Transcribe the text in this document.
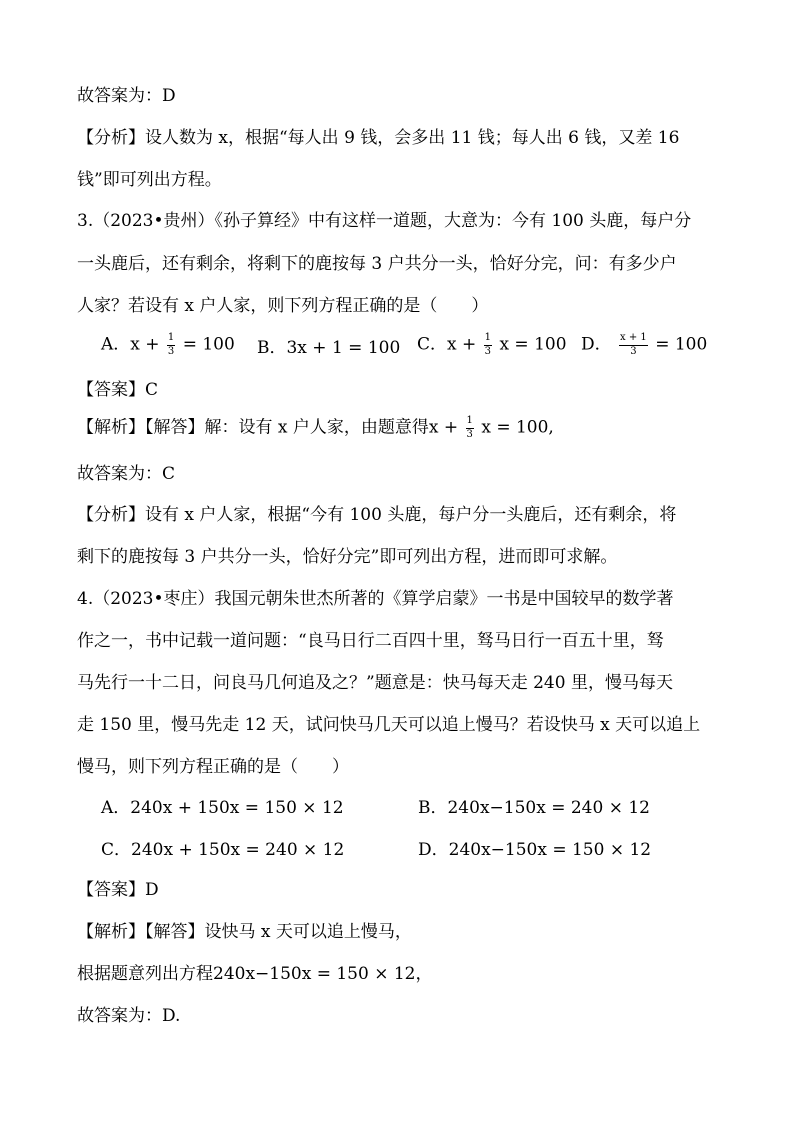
故答案为：D
【分析】设人数为 x，根据“每人出 9 钱，会多出 11 钱；每人出 6 钱，又差 16
钱”即可列出方程。
3.（2023•贵州）《孙子算经》中有这样一道题，大意为：今有 100 头鹿，每户分
一头鹿后，还有剩余，将剩下的鹿按每 3 户共分一头，恰好分完，问：有多少户
人家？若设有 x 户人家，则下列方程正确的是（　　）
A．$x + \frac{1}{3} = 100$ B．3x + 1 = 100 C．$x + \frac{1}{3}$ x = 100 D． $\frac{x + 1}{3} = 100$
【答案】C
【解析】【解答】解：设有 x 户人家，由题意得$x + \frac{1}{3}$ x = 100,
故答案为：C
【分析】设有 x 户人家，根据“今有 100 头鹿，每户分一头鹿后，还有剩余，将
剩下的鹿按每 3 户共分一头，恰好分完”即可列出方程，进而即可求解。
4.（2023•枣庄）我国元朝朱世杰所著的《算学启蒙》一书是中国较早的数学著
作之一，书中记载一道问题：“良马日行二百四十里，驽马日行一百五十里，驽
马先行一十二日，问良马几何追及之？”题意是：快马每天走 240 里，慢马每天
走 150 里，慢马先走 12 天，试问快马几天可以追上慢马？若设快马 x 天可以追上
慢马，则下列方程正确的是（　　）
A．240x + 150x = 150 × 12	B．240x−150x = 240 × 12
C．240x + 150x = 240 × 12	D．240x−150x = 150 × 12
【答案】D
【解析】【解答】设快马 x 天可以追上慢马，
根据题意列出方程240x−150x = 150 × 12，
故答案为：D.
